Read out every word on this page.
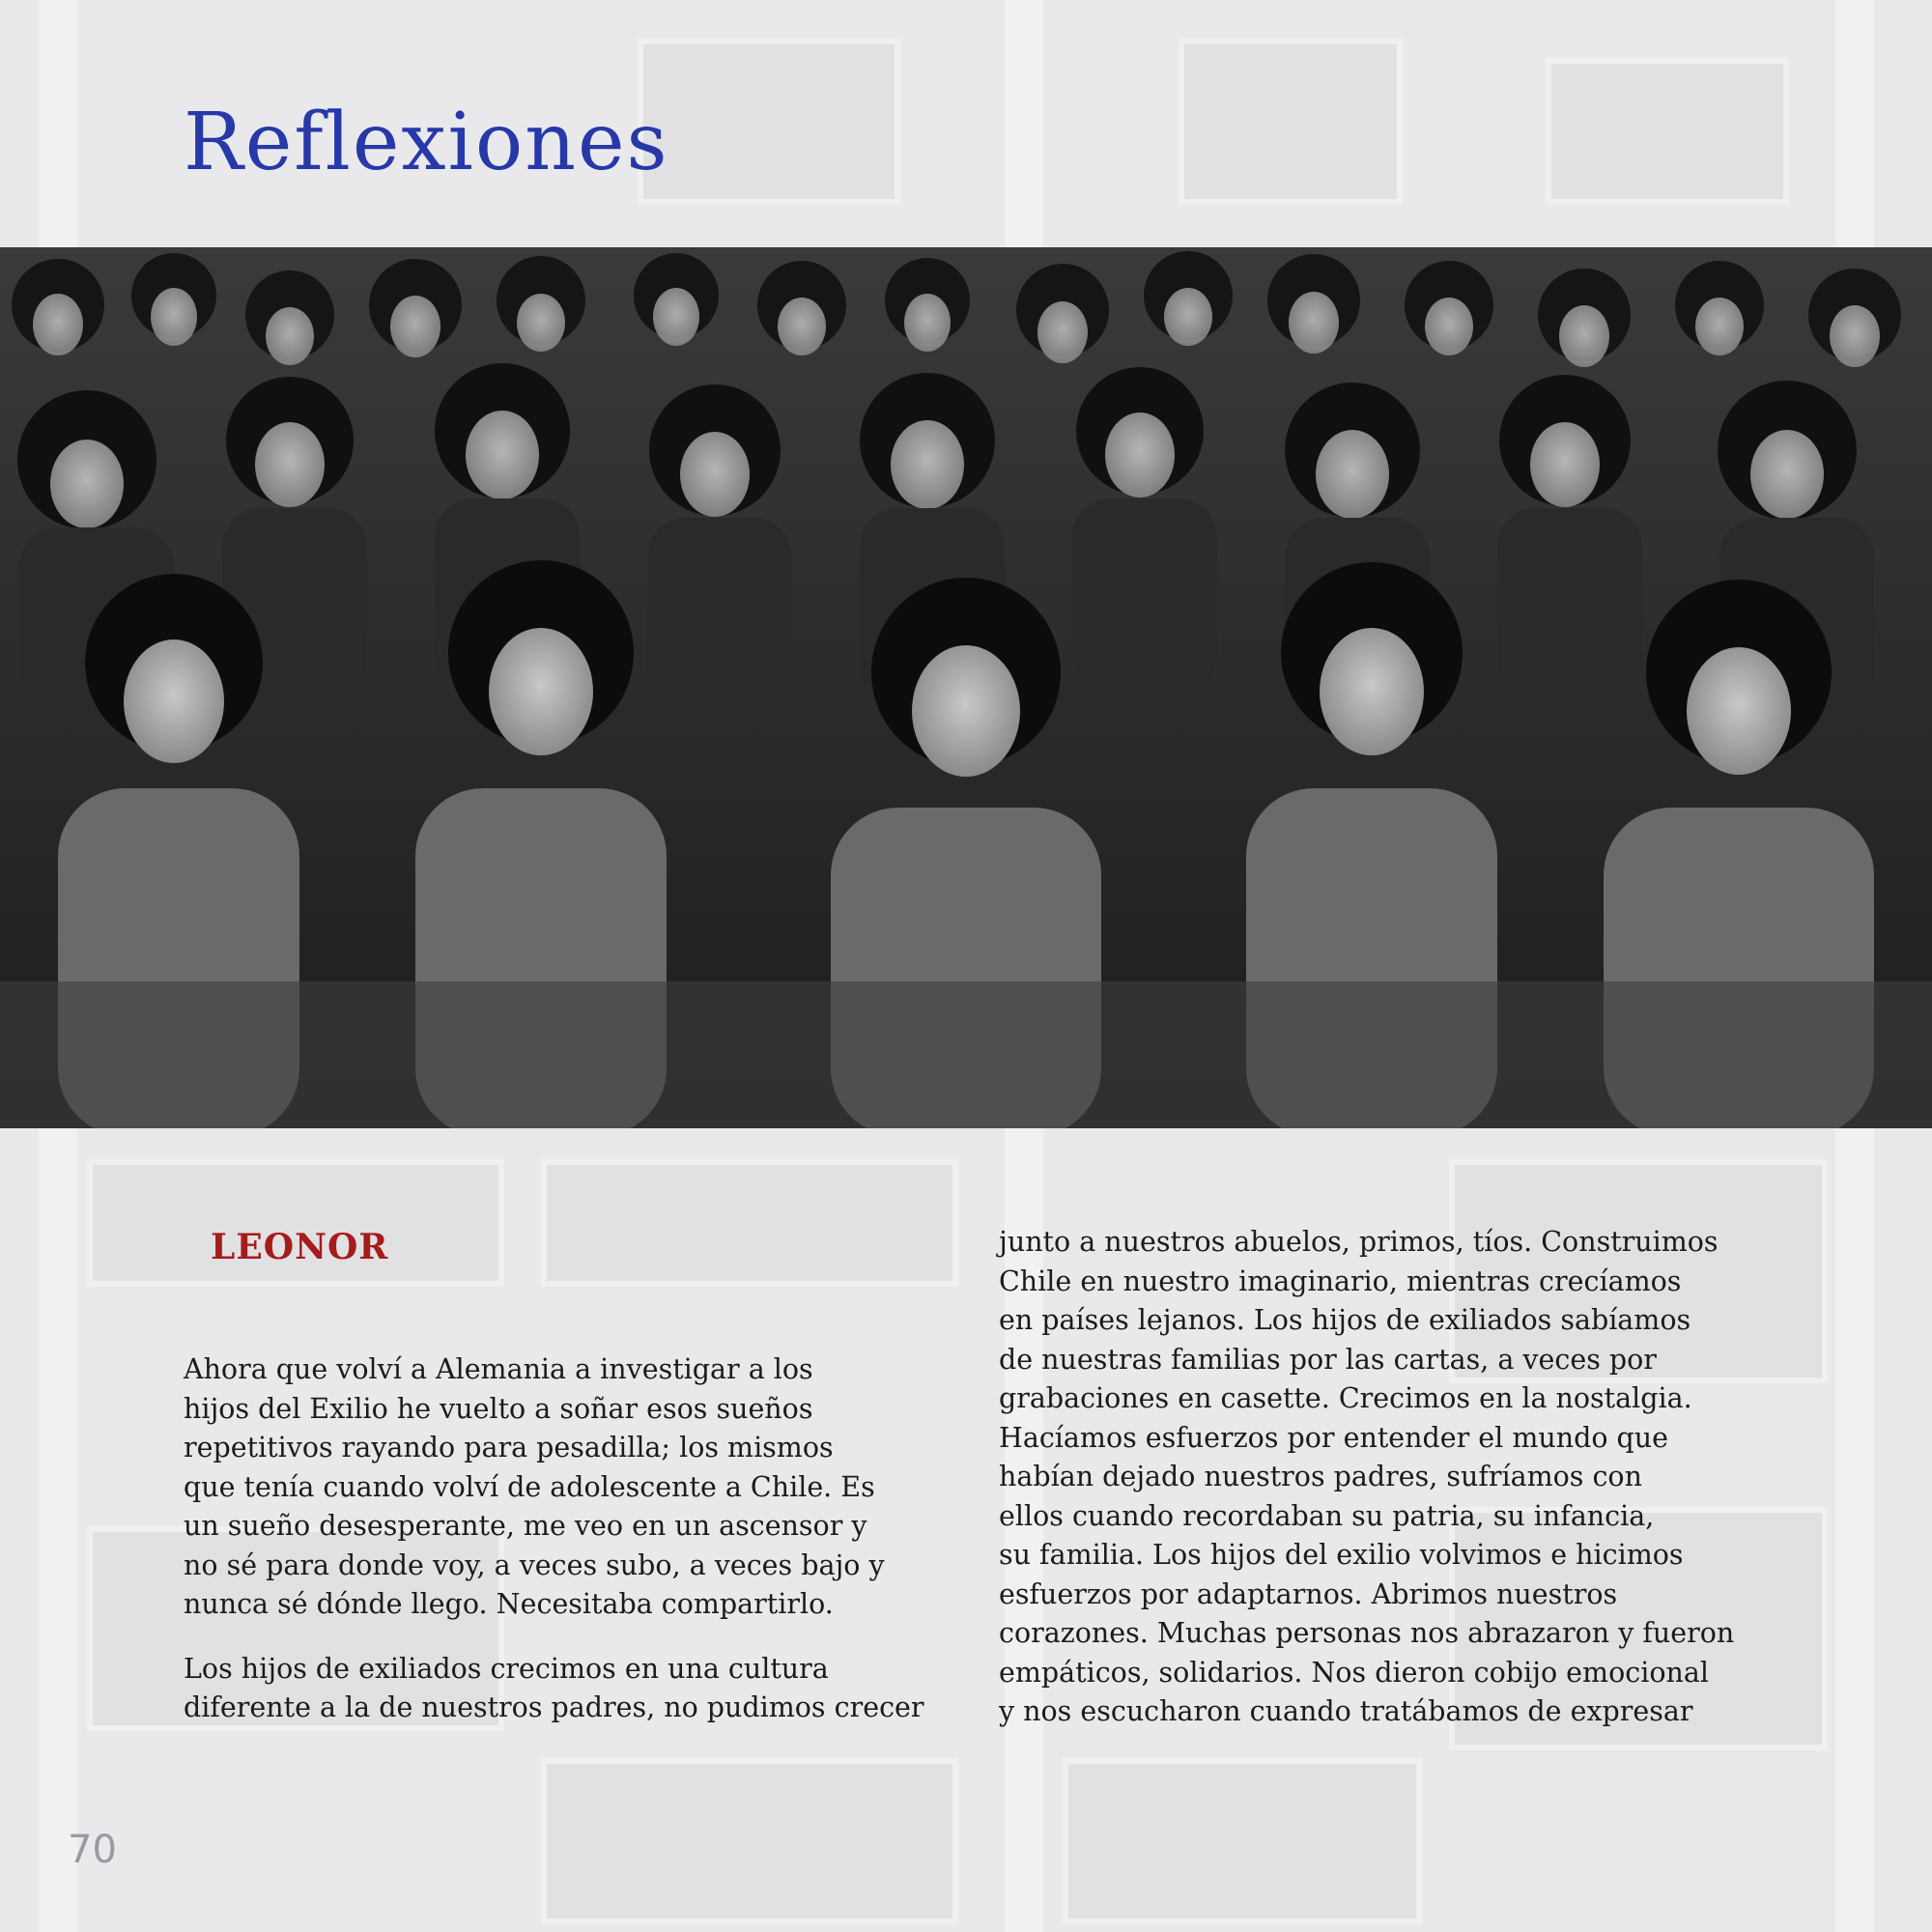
Reflexiones
LEONOR

Ahora que volví a Alemania a investigar a los
hijos del Exilio he vuelto a soñar esos sueños
repetitivos rayando para pesadilla; los mismos
que tenía cuando volví de adolescente a Chile. Es
un sueño desesperante, me veo en un ascensor y
no sé para donde voy, a veces subo, a veces bajo y
nunca sé dónde llego. Necesitaba compartirlo.

Los hijos de exiliados crecimos en una cultura
diferente a la de nuestros padres, no pudimos crecer

junto a nuestros abuelos, primos, tíos. Construimos
Chile en nuestro imaginario, mientras crecíamos
en países lejanos. Los hijos de exiliados sabíamos
de nuestras familias por las cartas, a veces por
grabaciones en casette. Crecimos en la nostalgia.
Hacíamos esfuerzos por entender el mundo que
habían dejado nuestros padres, sufríamos con
ellos cuando recordaban su patria, su infancia,
su familia. Los hijos del exilio volvimos e hicimos
esfuerzos por adaptarnos. Abrimos nuestros
corazones. Muchas personas nos abrazaron y fueron
empáticos, solidarios. Nos dieron cobijo emocional
y nos escucharon cuando tratábamos de expresar

70
